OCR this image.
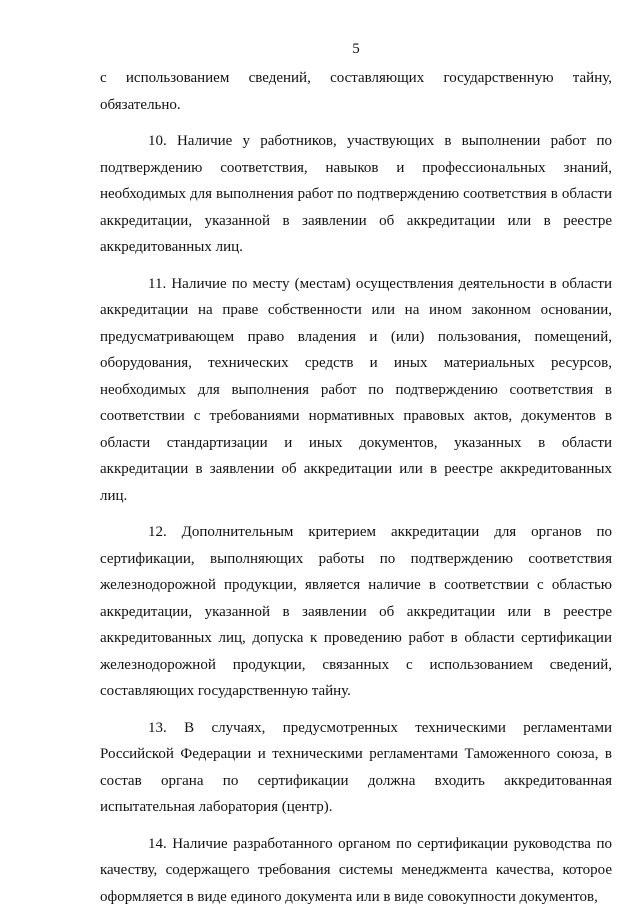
5

с использованием сведений, составляющих государственную тайну, обязательно.

10. Наличие у работников, участвующих в выполнении работ по подтверждению соответствия, навыков и профессиональных знаний, необходимых для выполнения работ по подтверждению соответствия в области аккредитации, указанной в заявлении об аккредитации или в реестре аккредитованных лиц.

11. Наличие по месту (местам) осуществления деятельности в области аккредитации на праве собственности или на ином законном основании, предусматривающем право владения и (или) пользования, помещений, оборудования, технических средств и иных материальных ресурсов, необходимых для выполнения работ по подтверждению соответствия в соответствии с требованиями нормативных правовых актов, документов в области стандартизации и иных документов, указанных в области аккредитации в заявлении об аккредитации или в реестре аккредитованных лиц.

12. Дополнительным критерием аккредитации для органов по сертификации, выполняющих работы по подтверждению соответствия железнодорожной продукции, является наличие в соответствии с областью аккредитации, указанной в заявлении об аккредитации или в реестре аккредитованных лиц, допуска к проведению работ в области сертификации железнодорожной продукции, связанных с использованием сведений, составляющих государственную тайну.

13. В случаях, предусмотренных техническими регламентами Российской Федерации и техническими регламентами Таможенного союза, в состав органа по сертификации должна входить аккредитованная испытательная лаборатория (центр).

14. Наличие разработанного органом по сертификации руководства по качеству, содержащего требования системы менеджмента качества, которое оформляется в виде единого документа или в виде совокупности документов,
